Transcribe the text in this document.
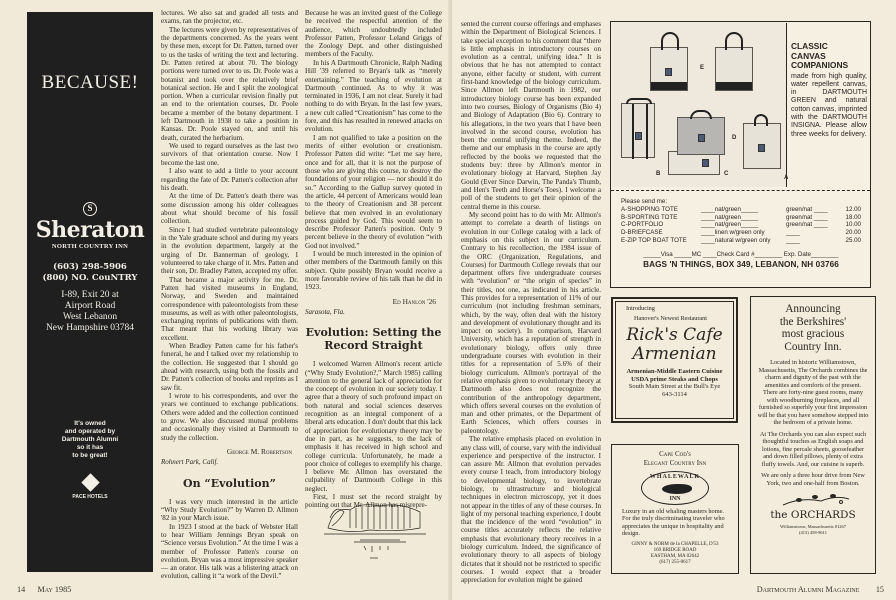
BECAUSE!
S
Sheraton
NORTH COUNTRY INN
(603) 298-5906
(800) NO. CouNTRY
I-89, Exit 20 at
Airport Road
West Lebanon
New Hampshire 03784
It's owned
and operated by
Dartmouth Alumni
so it has
to be great!
PACE HOTELS

lectures. We also sat and graded all tests and exams, ran the projector, etc.

The lectures were given by representatives of the departments concerned. As the years went by these men, except for Dr. Patten, turned over to us the tasks of writing the text and lecturing. Dr. Patten retired at about 70. The biology portions were turned over to us. Dr. Poole was a botanist and took over the relatively brief botanical section. He and I split the zoological portion. When a curricular revision finally put an end to the orientation courses, Dr. Poole became a member of the botany department. I left Dartmouth in 1938 to take a position in Kansas. Dr. Poole stayed on, and until his death, curated the herbarium.

We used to regard ourselves as the last two survivors of that orientation course. Now I become the last one.

I also want to add a little to your account regarding the fate of Dr. Patten's collection after his death.

At the time of Dr. Patten's death there was some discussion among his older colleagues about what should become of his fossil collection.

Since I had studied vertebrate paleontology in the Yale graduate school and during my years in the evolution department, largely at the urging of Dr. Bannerman of geology, I volunteered to take charge of it. Mrs. Patten and their son, Dr. Bradley Patten, accepted my offer.

That became a major activity for me. Dr. Patten had visited museums in England, Norway, and Sweden and maintained correspondence with paleontologists from these museums, as well as with other paleontologists, exchanging reprints of publications with them. That meant that his working library was excellent.

When Bradley Patten came for his father's funeral, he and I talked over my relationship to the collection. He suggested that I should go ahead with research, using both the fossils and Dr. Patten's collection of books and reprints as I saw fit.

I wrote to his correspondents, and over the years we continued to exchange publications. Others were added and the collection continued to grow. We also discussed mutual problems and occasionally they visited at Dartmouth to study the collection.

George M. Robertson
Rohnert Park, Calif.
On “Evolution”

I was very much interested in the article “Why Study Evolution?” by Warren D. Allmon '82 in your March issue.

In 1923 I stood at the back of Webster Hall to hear William Jennings Bryan speak on “Science versus Evolution.” At the time I was a member of Professor Patten's course on evolution. Bryan was a most impressive speaker — an orator. His talk was a blistering attack on evolution, calling it “a work of the Devil.”

Because he was an invited guest of the College he received the respectful attention of the audience, which undoubtedly included Professor Patten, Professor Leland Griggs of the Zoology Dept. and other distinguished members of the Faculty.

In his A Dartmouth Chronicle, Ralph Nading Hill '39 referred to Bryan's talk as “merely entertaining.” The teaching of evolution at Dartmouth continued. As to why it was terminated in 1936, I am not clear. Surely it had nothing to do with Bryan. In the last few years, a new cult called “Creationism” has come to the fore, and this has resulted in renewed attacks on evolution.

I am not qualified to take a position on the merits of either evolution or creationism. Professor Patten did write: “Let me say here, once and for all, that it is not the purpose of those who are giving this course, to destroy the foundations of your religion — nor should it do so.” According to the Gallup survey quoted in the article, 44 percent of Americans would lean to the theory of Creationism and 38 percent believe that men evolved in an evolutionary process guided by God. This would seem to describe Professor Patten's position. Only 9 percent believe in the theory of evolution “with God not involved.”

I would be much interested in the opinion of other members of the Dartmouth family on this subject. Quite possibly Bryan would receive a more favorable review of his talk than he did in 1923.

Ed Hanlon '26
Sarasota, Fla.
Evolution: Setting the Record Straight

I welcomed Warren Allmon's recent article (“Why Study Evolution?,” March 1985) calling attention to the general lack of appreciation for the concept of evolution in our society today. I agree that a theory of such profound impact on both natural and social sciences deserves recognition as an integral component of a liberal arts education. I don't doubt that this lack of appreciation for evolutionary theory may be due in part, as he suggests, to the lack of emphasis it has received in high school and college curricula. Unfortunately, he made a poor choice of colleges to exemplify his charge. I believe Mr. Allmon has overstated the culpability of Dartmouth College in this neglect.

First, I must set the record straight by pointing out that Mr. Allmon has misrepre-

14 May 1985

sented the current course offerings and emphases within the Department of Biological Sciences. I take special exception to his comment that “there is little emphasis in introductory courses on evolution as a central, unifying idea.” It is obvious that he has not attempted to contact anyone, either faculty or student, with current first-hand knowledge of the biology curriculum. Since Allmon left Dartmouth in 1982, our introductory biology course has been expanded into two courses, Biology of Organisms (Bio 4) and Biology of Adaptation (Bio 6). Contrary to his allegations, in the two years that I have been involved in the second course, evolution has been the central unifying theme. Indeed, the theme and our emphasis in the course are aptly reflected by the books we requested that the students buy: three by Allmon's mentor in evolutionary biology at Harvard, Stephen Jay Gould (Ever Since Darwin, The Panda's Thumb, and Hen's Teeth and Horse's Toes). I welcome a poll of the students to get their opinion of the central theme in this course.

My second point has to do with Mr. Allmon's attempt to correlate a dearth of listings on evolution in our College catalog with a lack of emphasis on this subject in our curriculum. Contrary to his recollection, the 1984 issue of the ORC (Organization, Regulations, and Courses) for Dartmouth College reveals that our department offers five undergraduate courses with “evolution” or “the origin of species” in their titles, not one, as indicated in his article. This provides for a representation of 11% of our curriculum (not including freshman seminars, which, by the way, often deal with the history and development of evolutionary thought and its impact on society). In comparison, Harvard University, which has a reputation of strength in evolutionary biology, offers only three undergraduate courses with evolution in their titles for a representation of 5.6% of their biology curriculum. Allmon's portrayal of the relative emphasis given to evolutionary theory at Dartmouth also does not recognize the contribution of the anthropology department, which offers several courses on the evolution of man and other primates, or the Department of Earth Sciences, which offers courses in paleontology.

The relative emphasis placed on evolution in any class will, of course, vary with the individual experience and perspective of the instructor. I can assure Mr. Allmon that evolution pervades every course I teach, from introductory biology to developmental biology, to invertebrate biology, to ultrastructure and biological techniques in electron microscopy, yet it does not appear in the titles of any of these courses. In light of my personal teaching experience, I doubt that the incidence of the word “evolution” in course titles accurately reflects the relative emphasis that evolutionary theory receives in a biology curriculum. Indeed, the significance of evolutionary theory to all aspects of biology dictates that it should not be restricted to specific courses. I would expect that a broader appreciation for evolution might be gained

Dartmouth Alumni Magazine 15
E
B	C
D
A
CLASSIC
CANVAS
COMPANIONS
made from high quality, water repellent canvas, in DARTMOUTH GREEN and natural cotton canvas, imprinted with the DARTMOUTH INSIGNA. Please allow three weeks for delivery.
Please send me:
A-SHOPPING TOTE	____nat/green_____	green/nat ____	12.00
B-SPORTING TOTE	____nat/green_____	green/nat ____	18.00
C-PORTFOLIO	____nat/green_____	green/nat ____	10.00
D-BRIEFCASE	____linen w/green only	____	20.00
E-ZIP TOP BOAT TOTE	____natural w/green only	____	25.00
_____Visa _____MC ____Check Card #________ Exp. Date________
BAGS 'N THINGS, BOX 349, LEBANON, NH 03766
Introducing
Hanover's Newest Restaurant
Rick's Cafe
Armenian
Armenian-Middle Eastern Cuisine
USDA prime Steaks and Chops
South Main Street at the Bull's Eye
643-3114
Cape Cod's
Elegant Country Inn
WHALEWALK
INN
Luxury in an old whaling masters home. For the truly discriminating traveler who appreciates the unique in hospitality and design.
GINNY & NORM de la CHAPELLE, D'53
169 BRIDGE ROAD
EASTHAM, MA 02642
(617) 255-0617
Announcing
the Berkshires'
most gracious
Country Inn.
Located in historic Williamstown, Massachusetts, The Orchards combines the charm and dignity of the past with the amenities and comforts of the present. There are forty-nine guest rooms, many with woodburning fireplaces, and all furnished so superbly your first impression will be that you have somehow stepped into the bedroom of a private home.
At The Orchards you can also expect such thoughtful touches as English soaps and lotions, fine percale sheets, goosefeather and down filled pillows, plenty of extra fluffy towels. And, our cuisine is superb.
We are only a three hour drive from New York, two and one-half from Boston.
the ORCHARDS
Williamstown, Massachusetts 01267
(413) 458-9611
